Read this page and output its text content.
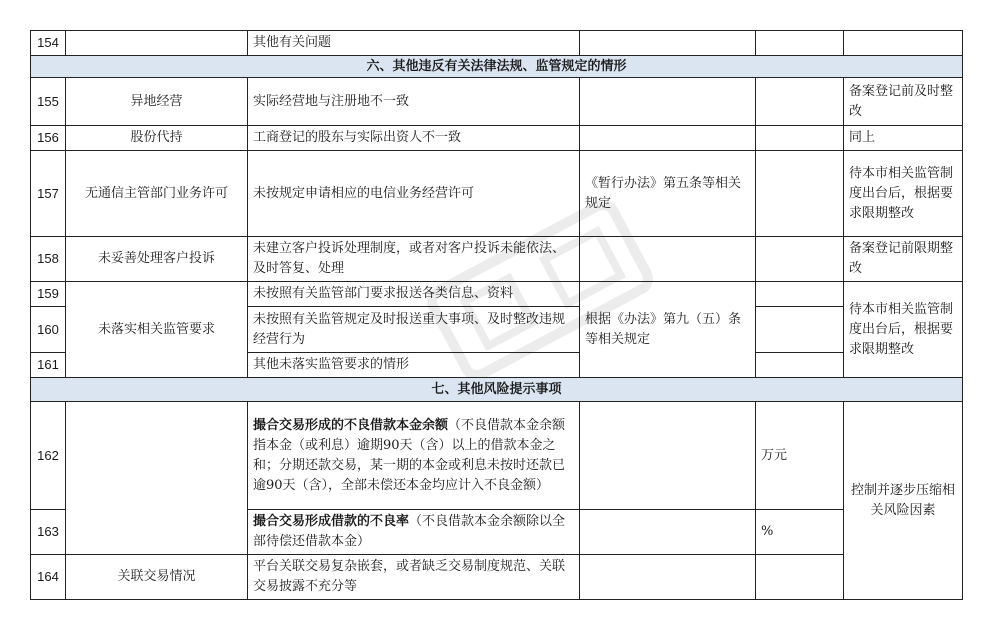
154		其他有关问题			
六、其他违反有关法律法规、监管规定的情形					
155	异地经营	实际经营地与注册地不一致			备案登记前及时整改
156	股份代持	工商登记的股东与实际出资人不一致			同上
157	无通信主管部门业务许可	未按规定申请相应的电信业务经营许可	《暂行办法》第五条等相关规定		待本市相关监管制度出台后，根据要求限期整改
158	未妥善处理客户投诉	未建立客户投诉处理制度，或者对客户投诉未能依法、及时答复、处理			备案登记前限期整改
159	未落实相关监管要求	未按照有关监管部门要求报送各类信息、资料	根据《办法》第九（五）条等相关规定		待本市相关监管制度出台后，根据要求限期整改
160		未按照有关监管规定及时报送重大事项、及时整改违规经营行为			
161		其他未落实监管要求的情形			
七、其他风险提示事项					
162		撮合交易形成的不良借款本金余额（不良借款本金余额指本金（或利息）逾期90天（含）以上的借款本金之和；分期还款交易，某一期的本金或利息未按时还款已逾90天（含），全部未偿还本金均应计入不良金额）		万元	控制并逐步压缩相关风险因素
163		撮合交易形成借款的不良率（不良借款本金余额除以全部待偿还借款本金）		%	
164	关联交易情况	平台关联交易复杂嵌套，或者缺乏交易制度规范、关联交易披露不充分等			
